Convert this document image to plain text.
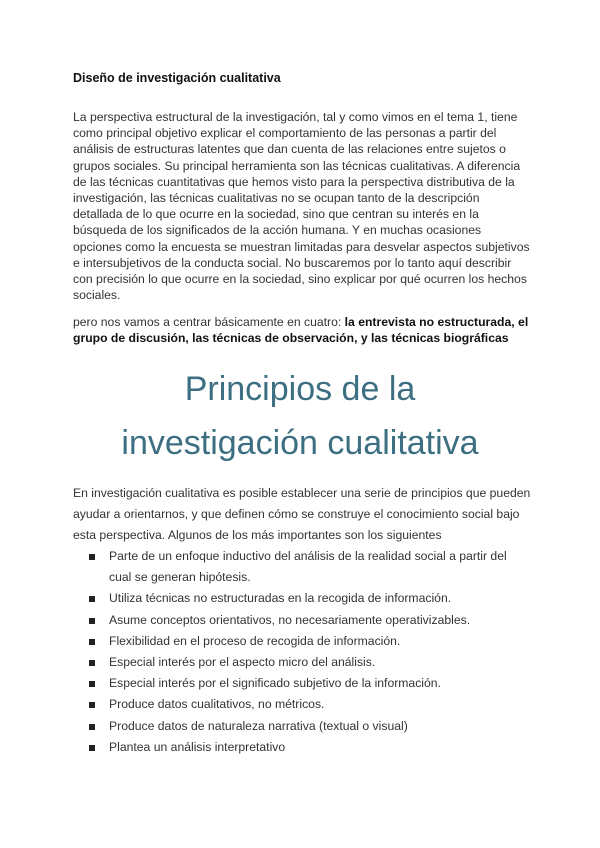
Diseño de investigación cualitativa
La perspectiva estructural de la investigación, tal y como vimos en el tema 1, tiene
como principal objetivo explicar el comportamiento de las personas a partir del
análisis de estructuras latentes que dan cuenta de las relaciones entre sujetos o
grupos sociales. Su principal herramienta son las técnicas cualitativas. A diferencia
de las técnicas cuantitativas que hemos visto para la perspectiva distributiva de la
investigación, las técnicas cualitativas no se ocupan tanto de la descripción
detallada de lo que ocurre en la sociedad, sino que centran su interés en la
búsqueda de los significados de la acción humana. Y en muchas ocasiones
opciones como la encuesta se muestran limitadas para desvelar aspectos subjetivos
e intersubjetivos de la conducta social. No buscaremos por lo tanto aquí describir
con precisión lo que ocurre en la sociedad, sino explicar por qué ocurren los hechos
sociales.
pero nos vamos a centrar básicamente en cuatro: la entrevista no estructurada, el
grupo de discusión, las técnicas de observación, y las técnicas biográficas
Principios de la
investigación cualitativa
En investigación cualitativa es posible establecer una serie de principios que pueden
ayudar a orientarnos, y que definen cómo se construye el conocimiento social bajo
esta perspectiva. Algunos de los más importantes son los siguientes
Parte de un enfoque inductivo del análisis de la realidad social a partir del
cual se generan hipótesis.
Utiliza técnicas no estructuradas en la recogida de información.
Asume conceptos orientativos, no necesariamente operativizables.
Flexibilidad en el proceso de recogida de información.
Especial interés por el aspecto micro del análisis.
Especial interés por el significado subjetivo de la información.
Produce datos cualitativos, no métricos.
Produce datos de naturaleza narrativa (textual o visual)
Plantea un análisis interpretativo
